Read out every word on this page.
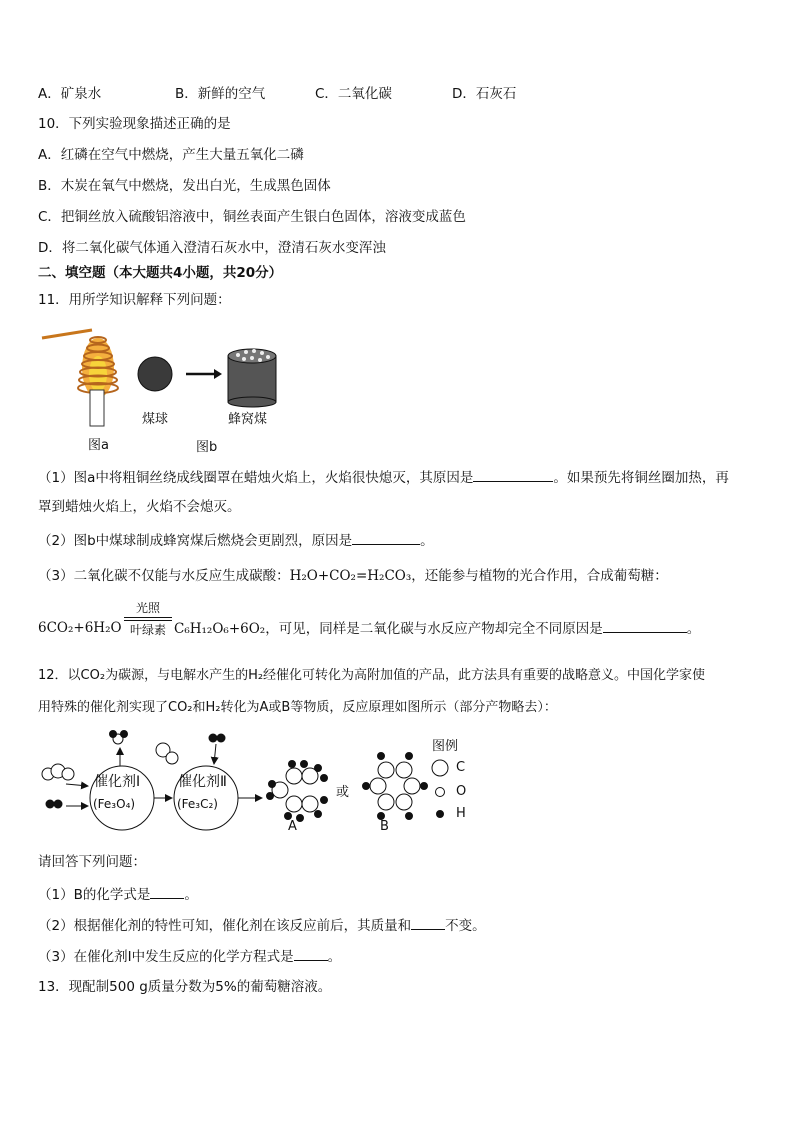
A．矿泉水	B．新鲜的空气	C．二氧化碳	D．石灰石
10．下列实验现象描述正确的是
A．红磷在空气中燃烧，产生大量五氧化二磷
B．木炭在氧气中燃烧，发出白光，生成黑色固体
C．把铜丝放入硫酸铝溶液中，铜丝表面产生银白色固体，溶液变成蓝色
D．将二氧化碳气体通入澄清石灰水中，澄清石灰水变浑浊
二、填空题（本大题共4小题，共20分）
11．用所学知识解释下列问题：
图a
煤球	蜂窝煤
图b
（1）图a中将粗铜丝绕成线圈罩在蜡烛火焰上，火焰很快熄灭，其原因是	。如果预先将铜丝圈加热，再
罩到蜡烛火焰上，火焰不会熄灭。
（2）图b中煤球制成蜂窝煤后燃烧会更剧烈，原因是	。
（3）二氧化碳不仅能与水反应生成碳酸：H₂O+CO₂=H₂CO₃，还能参与植物的光合作用，合成葡萄糖：
6CO₂+6H₂O
光照
叶绿素 C₆H₁₂O₆+6O₂，可见，同样是二氧化碳与水反应产物却完全不同原因是	。
12．以CO₂为碳源，与电解水产生的H₂经催化可转化为高附加值的产品，此方法具有重要的战略意义。中国化学家使
用特殊的催化剂实现了CO₂和H₂转化为A或B等物质，反应原理如图所示（部分产物略去）：
催化剂Ⅰ
(Fe₃O₄)
催化剂Ⅱ
(Fe₃C₂)
A
或
B
图例
C
O
H
请回答下列问题：
（1）B的化学式是	。
（2）根据催化剂的特性可知，催化剂在该反应前后，其质量和	不变。
（3）在催化剂Ⅰ中发生反应的化学方程式是	。
13．现配制500 g质量分数为5%的葡萄糖溶液。
